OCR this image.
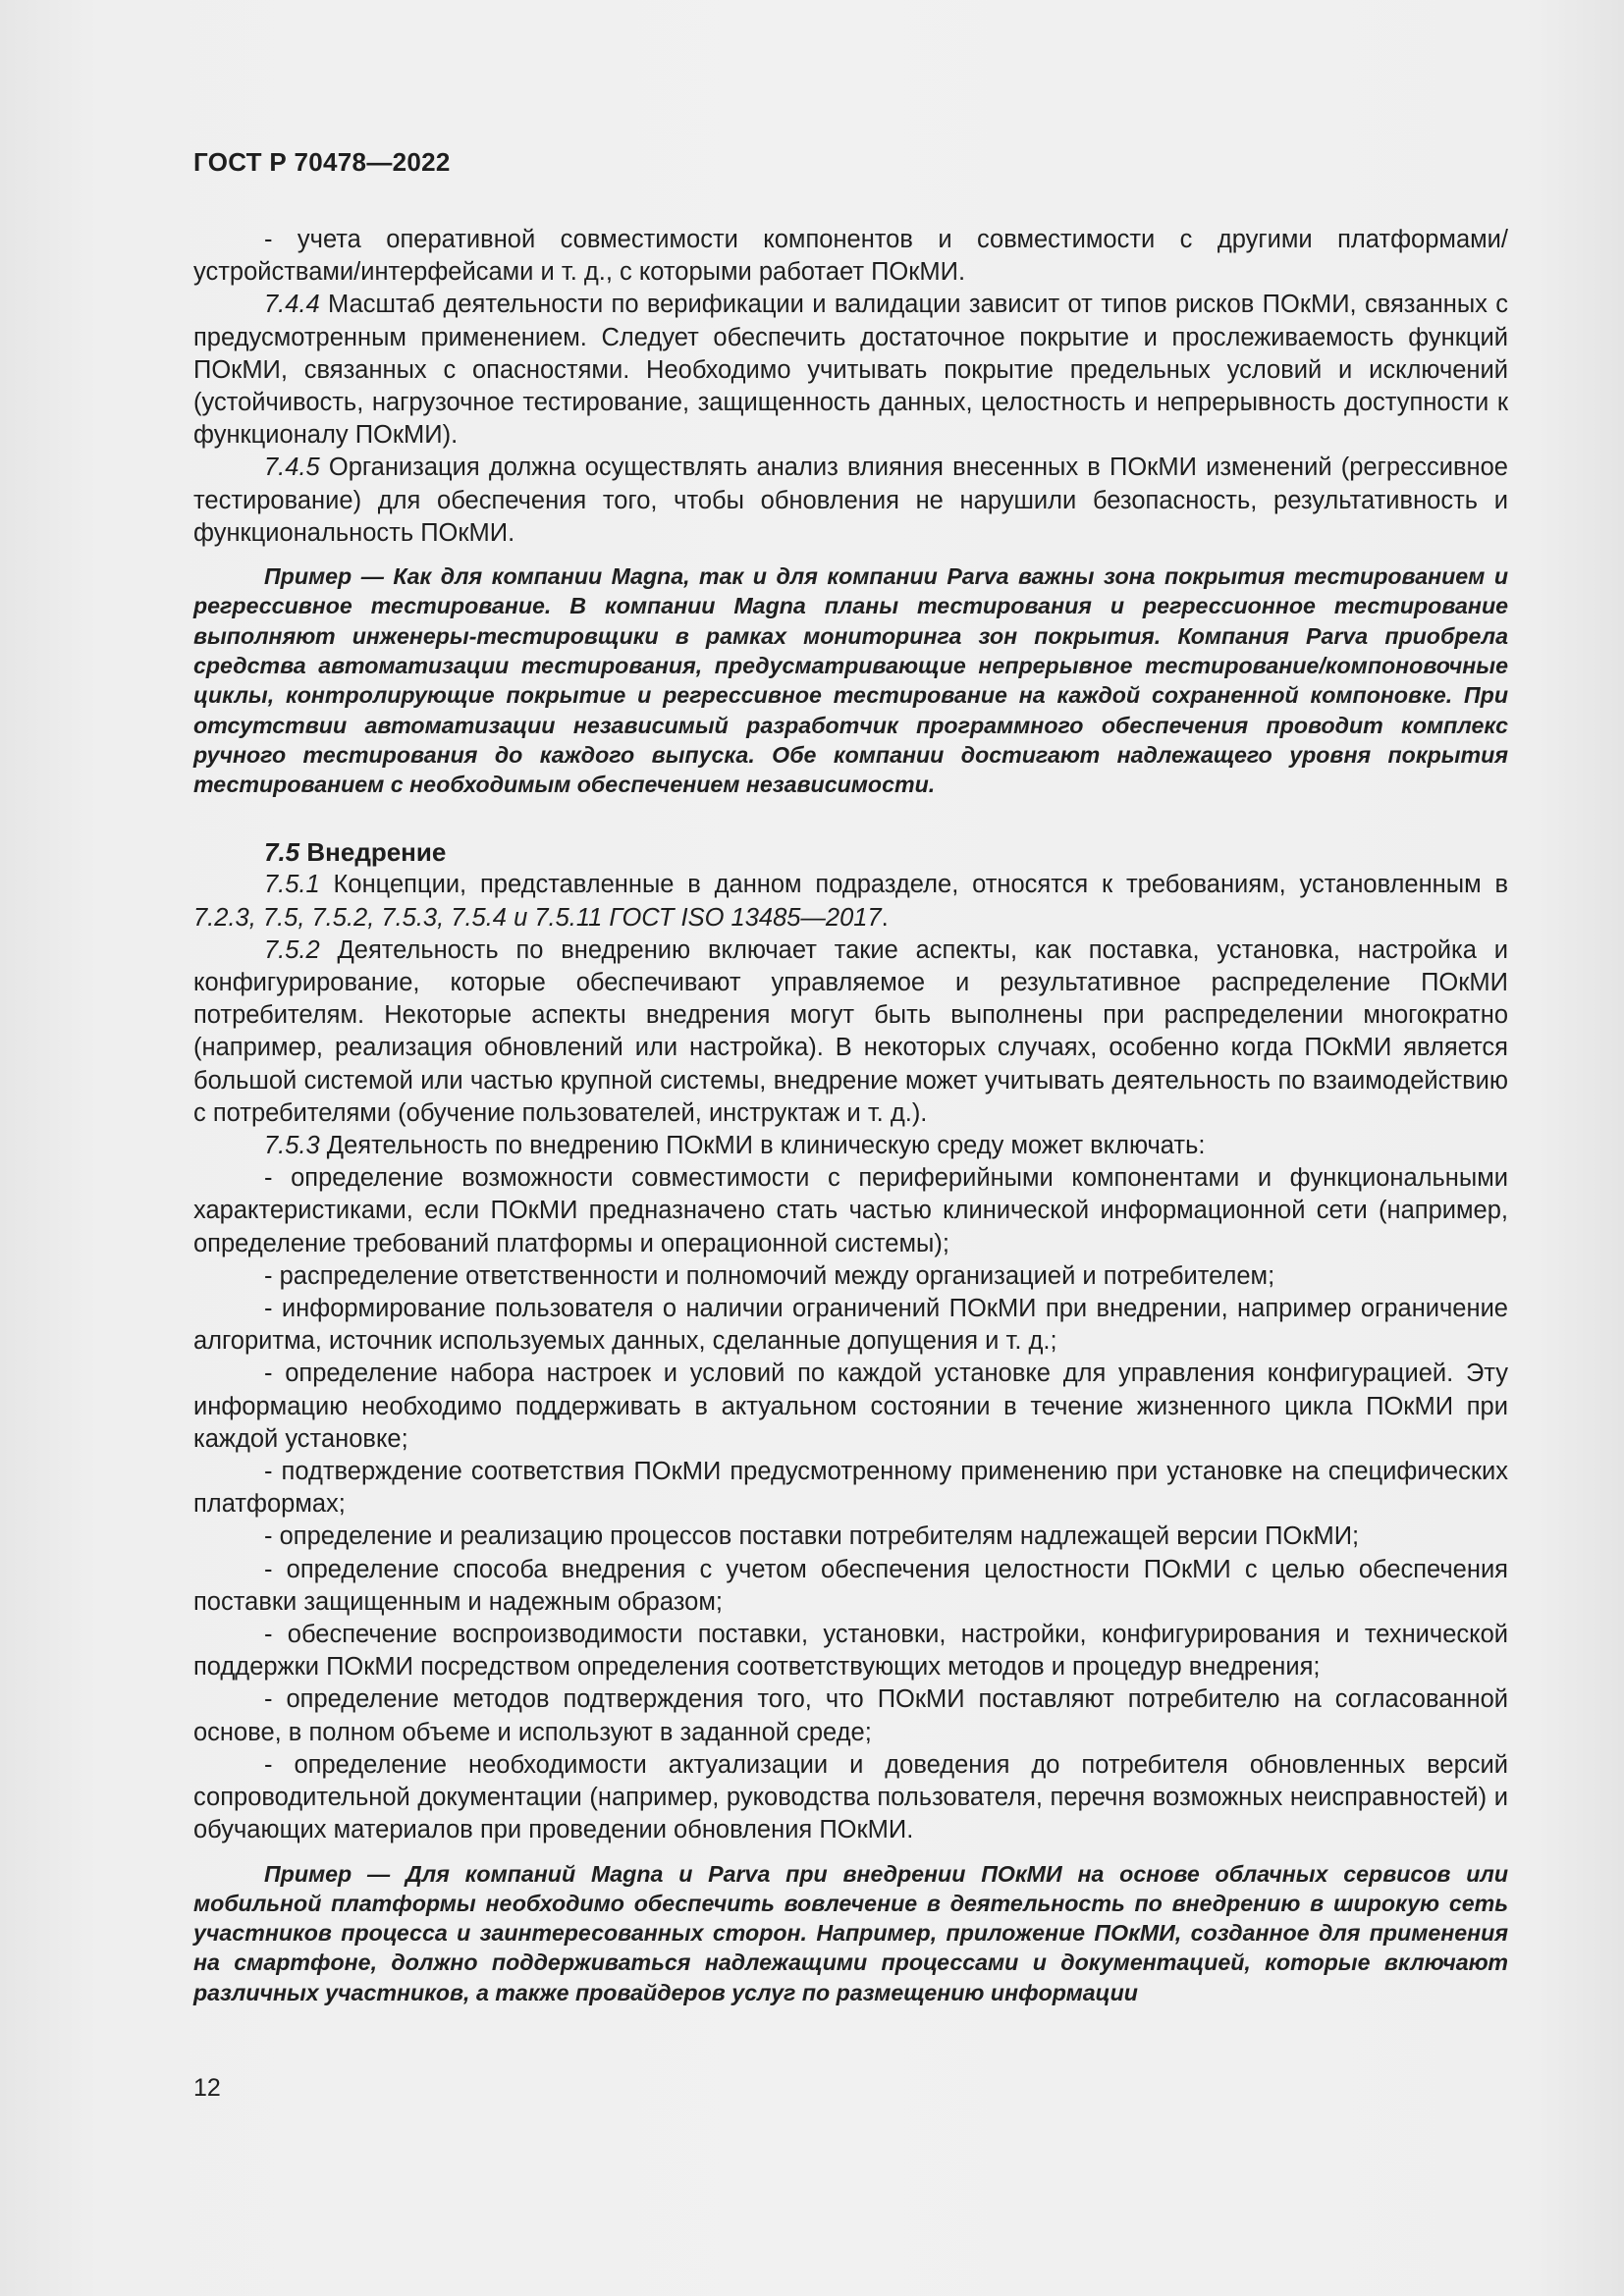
ГОСТ Р 70478—2022

- учета оперативной совместимости компонентов и совместимости с другими платформами/устройствами/интерфейсами и т. д., с которыми работает ПОкМИ.

7.4.4 Масштаб деятельности по верификации и валидации зависит от типов рисков ПОкМИ, связанных с предусмотренным применением. Следует обеспечить достаточное покрытие и прослеживаемость функций ПОкМИ, связанных с опасностями. Необходимо учитывать покрытие предельных условий и исключений (устойчивость, нагрузочное тестирование, защищенность данных, целостность и непрерывность доступности к функционалу ПОкМИ).

7.4.5 Организация должна осуществлять анализ влияния внесенных в ПОкМИ изменений (регрессивное тестирование) для обеспечения того, чтобы обновления не нарушили безопасность, результативность и функциональность ПОкМИ.

Пример — Как для компании Magna, так и для компании Parva важны зона покрытия тестированием и регрессивное тестирование. В компании Magna планы тестирования и регрессионное тестирование выполняют инженеры-тестировщики в рамках мониторинга зон покрытия. Компания Parva приобрела средства автоматизации тестирования, предусматривающие непрерывное тестирование/компоновочные циклы, контролирующие покрытие и регрессивное тестирование на каждой сохраненной компоновке. При отсутствии автоматизации независимый разработчик программного обеспечения проводит комплекс ручного тестирования до каждого выпуска. Обе компании достигают надлежащего уровня покрытия тестированием с необходимым обеспечением независимости.

7.5 Внедрение

7.5.1 Концепции, представленные в данном подразделе, относятся к требованиям, установленным в 7.2.3, 7.5, 7.5.2, 7.5.3, 7.5.4 и 7.5.11 ГОСТ ISO 13485—2017.

7.5.2 Деятельность по внедрению включает такие аспекты, как поставка, установка, настройка и конфигурирование, которые обеспечивают управляемое и результативное распределение ПОкМИ потребителям. Некоторые аспекты внедрения могут быть выполнены при распределении многократно (например, реализация обновлений или настройка). В некоторых случаях, особенно когда ПОкМИ является большой системой или частью крупной системы, внедрение может учитывать деятельность по взаимодействию с потребителями (обучение пользователей, инструктаж и т. д.).

7.5.3 Деятельность по внедрению ПОкМИ в клиническую среду может включать:

- определение возможности совместимости с периферийными компонентами и функциональными характеристиками, если ПОкМИ предназначено стать частью клинической информационной сети (например, определение требований платформы и операционной системы);

- распределение ответственности и полномочий между организацией и потребителем;

- информирование пользователя о наличии ограничений ПОкМИ при внедрении, например ограничение алгоритма, источник используемых данных, сделанные допущения и т. д.;

- определение набора настроек и условий по каждой установке для управления конфигурацией. Эту информацию необходимо поддерживать в актуальном состоянии в течение жизненного цикла ПОкМИ при каждой установке;

- подтверждение соответствия ПОкМИ предусмотренному применению при установке на специфических платформах;

- определение и реализацию процессов поставки потребителям надлежащей версии ПОкМИ;

- определение способа внедрения с учетом обеспечения целостности ПОкМИ с целью обеспечения поставки защищенным и надежным образом;

- обеспечение воспроизводимости поставки, установки, настройки, конфигурирования и технической поддержки ПОкМИ посредством определения соответствующих методов и процедур внедрения;

- определение методов подтверждения того, что ПОкМИ поставляют потребителю на согласованной основе, в полном объеме и используют в заданной среде;

- определение необходимости актуализации и доведения до потребителя обновленных версий сопроводительной документации (например, руководства пользователя, перечня возможных неисправностей) и обучающих материалов при проведении обновления ПОкМИ.

Пример — Для компаний Magna и Parva при внедрении ПОкМИ на основе облачных сервисов или мобильной платформы необходимо обеспечить вовлечение в деятельность по внедрению в широкую сеть участников процесса и заинтересованных сторон. Например, приложение ПОкМИ, созданное для применения на смартфоне, должно поддерживаться надлежащими процессами и документацией, которые включают различных участников, а также провайдеров услуг по размещению информации

12
